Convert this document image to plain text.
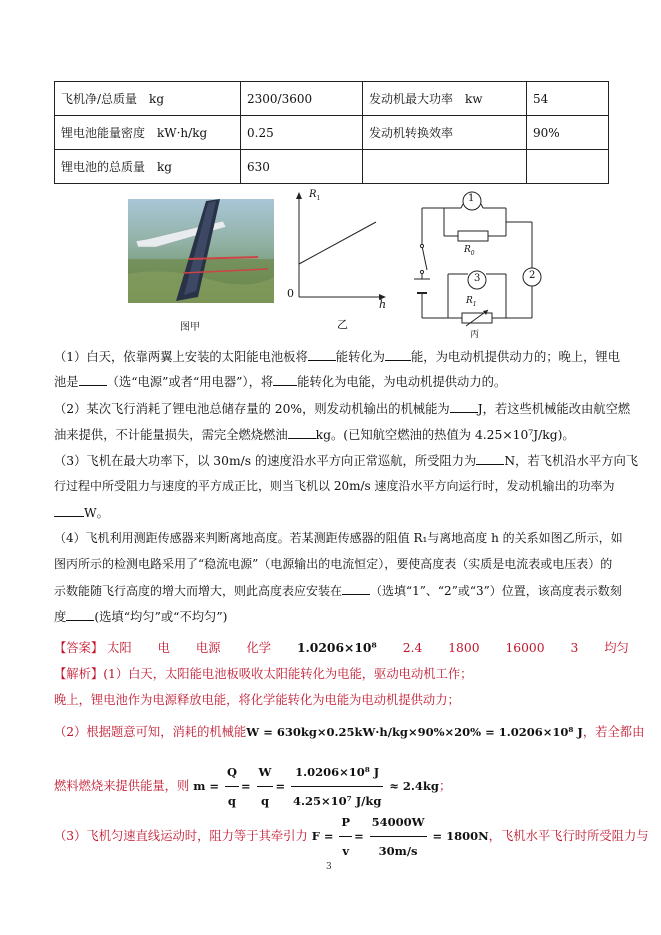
飞机净/总质量　kg	2300/3600	发动机最大功率　kw	54
锂电池能量密度　kW·h/kg	0.25	发动机转换效率	90%
锂电池的总质量　kg	630		
图甲
$R_1$
0
h
乙
1
2
3
$R_0$
$R_1$
丙
（1）白天，依靠两翼上安装的太阳能电池板将 能转化为 能，为电动机提供动力的；晚上，锂电
池是 （选“电源”或者“用电器”），将 能转化为电能，为电动机提供动力的。
（2）某次飞行消耗了锂电池总储存量的 20%，则发动机输出的机械能为 J，若这些机械能改由航空燃
油来提供，不计能量损失，需完全燃烧燃油 kg。(已知航空燃油的热值为 4.25×10⁷J/kg)。
（3）飞机在最大功率下，以 30m/s 的速度沿水平方向正常巡航，所受阻力为 N，若飞机沿水平方向飞
行过程中所受阻力与速度的平方成正比，则当飞机以 20m/s 速度沿水平方向运行时，发动机输出的功率为
W。
（4）飞机利用测距传感器来判断离地高度。若某测距传感器的阻值 R₁与离地高度 h 的关系如图乙所示，如
图丙所示的检测电路采用了“稳流电源”（电源输出的电流恒定），要使高度表（实质是电流表或电压表）的
示数能随飞行高度的增大而增大，则此高度表应安装在 （选填“1”、“2”或“3”）位置，该高度表示数刻
度 (选填“均匀”或“不均匀”)
【答案】 太阳 电 电源 化学 1.0206×10⁸ 2.4 1800 16000 3 均匀
【解析】(1）白天，太阳能电池板吸收太阳能转化为电能，驱动电动机工作；
晚上，锂电池作为电源释放电能，将化学能转化为电能为电动机提供动力；
（2）根据题意可知，消耗的机械能W = 630kg×0.25kW·h/kg×90%×20% = 1.0206×10⁸ J，若全都由
燃料燃烧来提供能量，则 $m = \frac{Q}{q} = \frac{W}{q} = \frac{\text{1.0206×10⁸ J}}{\text{4.25×10⁷ J/kg}} \approx 2.4kg$；
（3）飞机匀速直线运动时，阻力等于其牵引力 $F = \frac{P}{v} = \frac{54000W}{30m/s} = 1800N$，飞机水平飞行时所受阻力与
3
